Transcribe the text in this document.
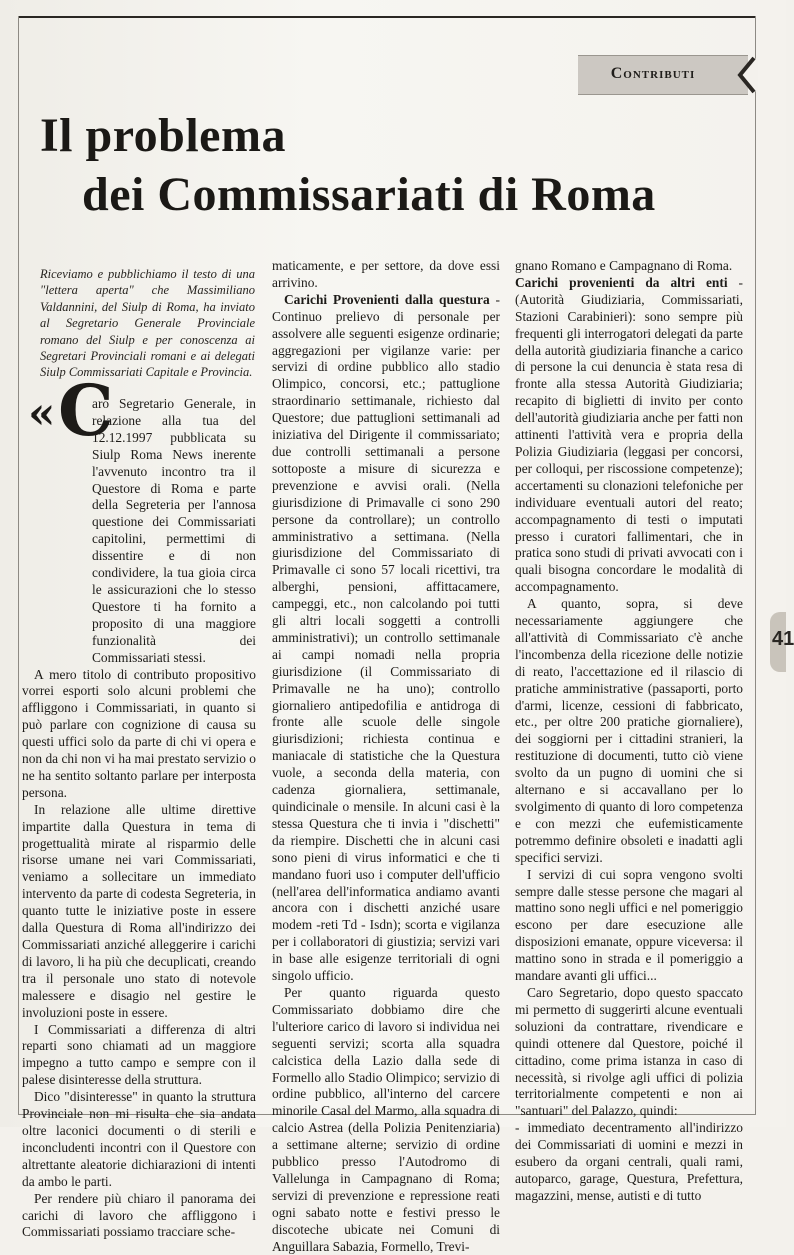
Contributi
Il problema
dei Commissariati di Roma
Riceviamo e pubblichiamo il testo di una "lettera aperta" che Massimiliano Valdannini, del Siulp di Roma, ha inviato al Segretario Generale Provinciale romano del Siulp e per conoscenza ai Segretari Provinciali romani e ai delegati Siulp Commissariati Capitale e Provincia.
« C

aro Segretario Generale, in relazione alla tua del 12.12.1997 pubblicata su Siulp Roma News inerente l'avvenuto incontro tra il Questore di Roma e parte della Segreteria per l'annosa questione dei Commissariati capitolini, permettimi di dissentire e di non condividere, la tua gioia circa le assicurazioni che lo stesso Questore ti ha fornito a proposito di una maggiore funzionalità dei Commissariati stessi.

A mero titolo di contributo propositivo vorrei esporti solo alcuni problemi che affliggono i Commissariati, in quanto si può parlare con cognizione di causa su questi uffici solo da parte di chi vi opera e non da chi non vi ha mai prestato servizio o ne ha sentito soltanto parlare per interposta persona.

In relazione alle ultime direttive impartite dalla Questura in tema di progettualità mirate al risparmio delle risorse umane nei vari Commissariati, veniamo a sollecitare un immediato intervento da parte di codesta Segreteria, in quanto tutte le iniziative poste in essere dalla Questura di Roma all'indirizzo dei Commissariati anziché alleggerire i carichi di lavoro, li ha più che decuplicati, creando tra il personale uno stato di notevole malessere e disagio nel gestire le involuzioni poste in essere.

I Commissariati a differenza di altri reparti sono chiamati ad un maggiore impegno a tutto campo e sempre con il palese disinteresse della struttura.

Dico "disinteresse" in quanto la struttura Provinciale non mi risulta che sia andata oltre laconici documenti o di sterili e inconcludenti incontri con il Questore con altrettante aleatorie dichiarazioni di intenti da ambo le parti.

Per rendere più chiaro il panorama dei carichi di lavoro che affliggono i Commissariati possiamo tracciare sche-

maticamente, e per settore, da dove essi arrivino.

Carichi Provenienti dalla questura - Continuo prelievo di personale per assolvere alle seguenti esigenze ordinarie; aggregazioni per vigilanze varie: per servizi di ordine pubblico allo stadio Olimpico, concorsi, etc.; pattuglione straordinario settimanale, richiesto dal Questore; due pattuglioni settimanali ad iniziativa del Dirigente il commissariato; due controlli settimanali a persone sottoposte a misure di sicurezza e prevenzione e avvisi orali. (Nella giurisdizione di Primavalle ci sono 290 persone da controllare); un controllo amministrativo a settimana. (Nella giurisdizione del Commissariato di Primavalle ci sono 57 locali ricettivi, tra alberghi, pensioni, affittacamere, campeggi, etc., non calcolando poi tutti gli altri locali soggetti a controlli amministrativi); un controllo settimanale ai campi nomadi nella propria giurisdizione (il Commissariato di Primavalle ne ha uno); controllo giornaliero antipedofilia e antidroga di fronte alle scuole delle singole giurisdizioni; richiesta continua e maniacale di statistiche che la Questura vuole, a seconda della materia, con cadenza giornaliera, settimanale, quindicinale o mensile. In alcuni casi è la stessa Questura che ti invia i "dischetti" da riempire. Dischetti che in alcuni casi sono pieni di virus informatici e che ti mandano fuori uso i computer dell'ufficio (nell'area dell'informatica andiamo avanti ancora con i dischetti anziché usare modem -reti Td - Isdn); scorta e vigilanza per i collaboratori di giustizia; servizi vari in base alle esigenze territoriali di ogni singolo ufficio.

Per quanto riguarda questo Commissariato dobbiamo dire che l'ulteriore carico di lavoro si individua nei seguenti servizi; scorta alla squadra calcistica della Lazio dalla sede di Formello allo Stadio Olimpico; servizio di ordine pubblico, all'interno del carcere minorile Casal del Marmo, alla squadra di calcio Astrea (della Polizia Penitenziaria) a settimane alterne; servizio di ordine pubblico presso l'Autodromo di Vallelunga in Campagnano di Roma; servizi di prevenzione e repressione reati ogni sabato notte e festivi presso le discoteche ubicate nei Comuni di Anguillara Sabazia, Formello, Trevi-

gnano Romano e Campagnano di Roma.

Carichi provenienti da altri enti - (Autorità Giudiziaria, Commissariati, Stazioni Carabinieri): sono sempre più frequenti gli interrogatori delegati da parte della autorità giudiziaria finanche a carico di persone la cui denuncia è stata resa di fronte alla stessa Autorità Giudiziaria; recapito di biglietti di invito per conto dell'autorità giudiziaria anche per fatti non attinenti l'attività vera e propria della Polizia Giudiziaria (leggasi per concorsi, per colloqui, per riscossione competenze); accertamenti su clonazioni telefoniche per individuare eventuali autori del reato; accompagnamento di testi o imputati presso i curatori fallimentari, che in pratica sono studi di privati avvocati con i quali bisogna concordare le modalità di accompagnamento.

A quanto, sopra, si deve necessariamente aggiungere che all'attività di Commissariato c'è anche l'incombenza della ricezione delle notizie di reato, l'accettazione ed il rilascio di pratiche amministrative (passaporti, porto d'armi, licenze, cessioni di fabbricato, etc., per oltre 200 pratiche giornaliere), dei soggiorni per i cittadini stranieri, la restituzione di documenti, tutto ciò viene svolto da un pugno di uomini che si alternano e si accavallano per lo svolgimento di quanto di loro competenza e con mezzi che eufemisticamente potremmo definire obsoleti e inadatti agli specifici servizi.

I servizi di cui sopra vengono svolti sempre dalle stesse persone che magari al mattino sono negli uffici e nel pomeriggio escono per dare esecuzione alle disposizioni emanate, oppure viceversa: il mattino sono in strada e il pomeriggio a mandare avanti gli uffici...

Caro Segretario, dopo questo spaccato mi permetto di suggerirti alcune eventuali soluzioni da contrattare, rivendicare e quindi ottenere dal Questore, poiché il cittadino, come prima istanza in caso di necessità, si rivolge agli uffici di polizia territorialmente competenti e non ai "santuari" del Palazzo, quindi:

- immediato decentramento all'indirizzo dei Commissariati di uomini e mezzi in esubero da organi centrali, quali rami, autoparco, garage, Questura, Prefettura, magazzini, mense, autisti e di tutto

41
